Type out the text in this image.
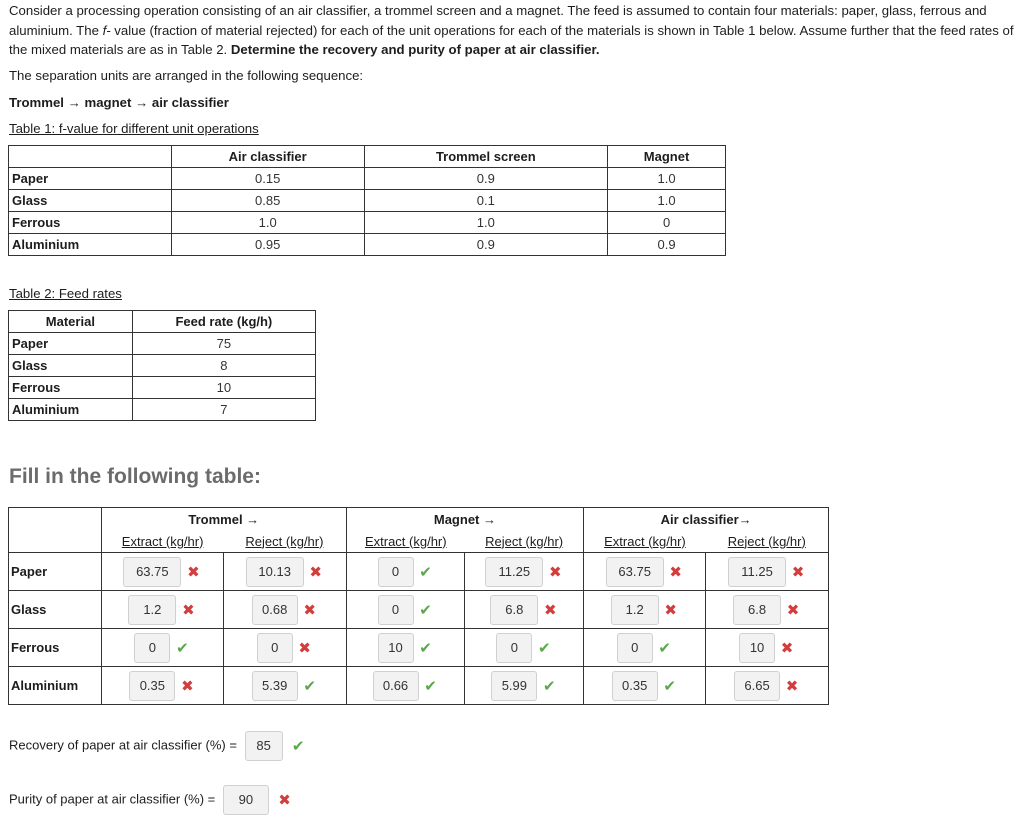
Consider a processing operation consisting of an air classifier, a trommel screen and a magnet. The feed is assumed to contain four materials: paper, glass, ferrous and aluminium. The f- value (fraction of material rejected) for each of the unit operations for each of the materials is shown in Table 1 below. Assume further that the feed rates of the mixed materials are as in Table 2. Determine the recovery and purity of paper at air classifier.
The separation units are arranged in the following sequence:
Trommel → magnet → air classifier
Table 1: f-value for different unit operations
	Air classifier	Trommel screen	Magnet
Paper	0.15	0.9	1.0
Glass	0.85	0.1	1.0
Ferrous	1.0	1.0	0
Aluminium	0.95	0.9	0.9
Table 2: Feed rates
Material	Feed rate (kg/h)
Paper	75
Glass	8
Ferrous	10
Aluminium	7
Fill in the following table:
	Trommel →		Magnet →		Air classifier→	
	Extract (kg/hr)	Reject (kg/hr)	Extract (kg/hr)	Reject (kg/hr)	Extract (kg/hr)	Reject (kg/hr)
Paper	63.75 ✖	10.13 ✖	0 ✔	11.25 ✖	63.75 ✖	11.25 ✖
Glass	1.2 ✖	0.68 ✖	0 ✔	6.8 ✖	1.2 ✖	6.8 ✖
Ferrous	0 ✔	0 ✖	10 ✔	0 ✔	0 ✔	10 ✖
Aluminium	0.35 ✖	5.39 ✔	0.66 ✔	5.99 ✔	0.35 ✔	6.65 ✖
Recovery of paper at air classifier (%) = 85 ✔
Purity of paper at air classifier (%) = 90 ✖
